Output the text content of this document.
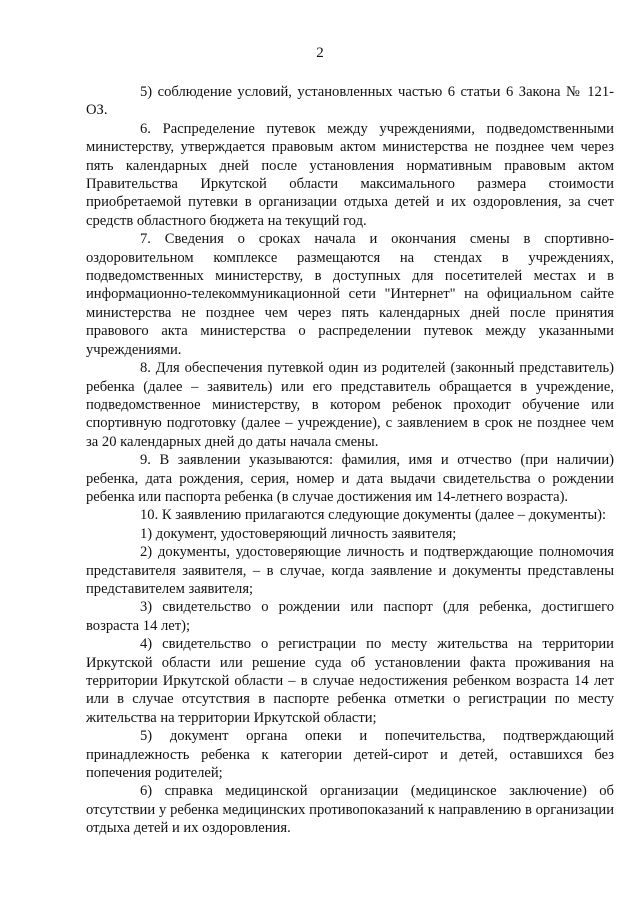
2

5) соблюдение условий, установленных частью 6 статьи 6 Закона № 121-ОЗ.

6. Распределение путевок между учреждениями, подведомственными министерству, утверждается правовым актом министерства не позднее чем через пять календарных дней после установления нормативным правовым актом Правительства Иркутской области максимального размера стоимости приобретаемой путевки в организации отдыха детей и их оздоровления, за счет средств областного бюджета на текущий год.

7. Сведения о сроках начала и окончания смены в спортивно-оздоровительном комплексе размещаются на стендах в учреждениях, подведомственных министерству, в доступных для посетителей местах и в информационно-телекоммуникационной сети "Интернет" на официальном сайте министерства не позднее чем через пять календарных дней после принятия правового акта министерства о распределении путевок между указанными учреждениями.

8. Для обеспечения путевкой один из родителей (законный представитель) ребенка (далее – заявитель) или его представитель обращается в учреждение, подведомственное министерству, в котором ребенок проходит обучение или спортивную подготовку (далее – учреждение), с заявлением в срок не позднее чем за 20 календарных дней до даты начала смены.

9. В заявлении указываются: фамилия, имя и отчество (при наличии) ребенка, дата рождения, серия, номер и дата выдачи свидетельства о рождении ребенка или паспорта ребенка (в случае достижения им 14-летнего возраста).

10. К заявлению прилагаются следующие документы (далее – документы):

1) документ, удостоверяющий личность заявителя;

2) документы, удостоверяющие личность и подтверждающие полномочия представителя заявителя, – в случае, когда заявление и документы представлены представителем заявителя;

3) свидетельство о рождении или паспорт (для ребенка, достигшего возраста 14 лет);

4) свидетельство о регистрации по месту жительства на территории Иркутской области или решение суда об установлении факта проживания на территории Иркутской области – в случае недостижения ребенком возраста 14 лет или в случае отсутствия в паспорте ребенка отметки о регистрации по месту жительства на территории Иркутской области;

5) документ органа опеки и попечительства, подтверждающий принадлежность ребенка к категории детей-сирот и детей, оставшихся без попечения родителей;

6) справка медицинской организации (медицинское заключение) об отсутствии у ребенка медицинских противопоказаний к направлению в организации отдыха детей и их оздоровления.
